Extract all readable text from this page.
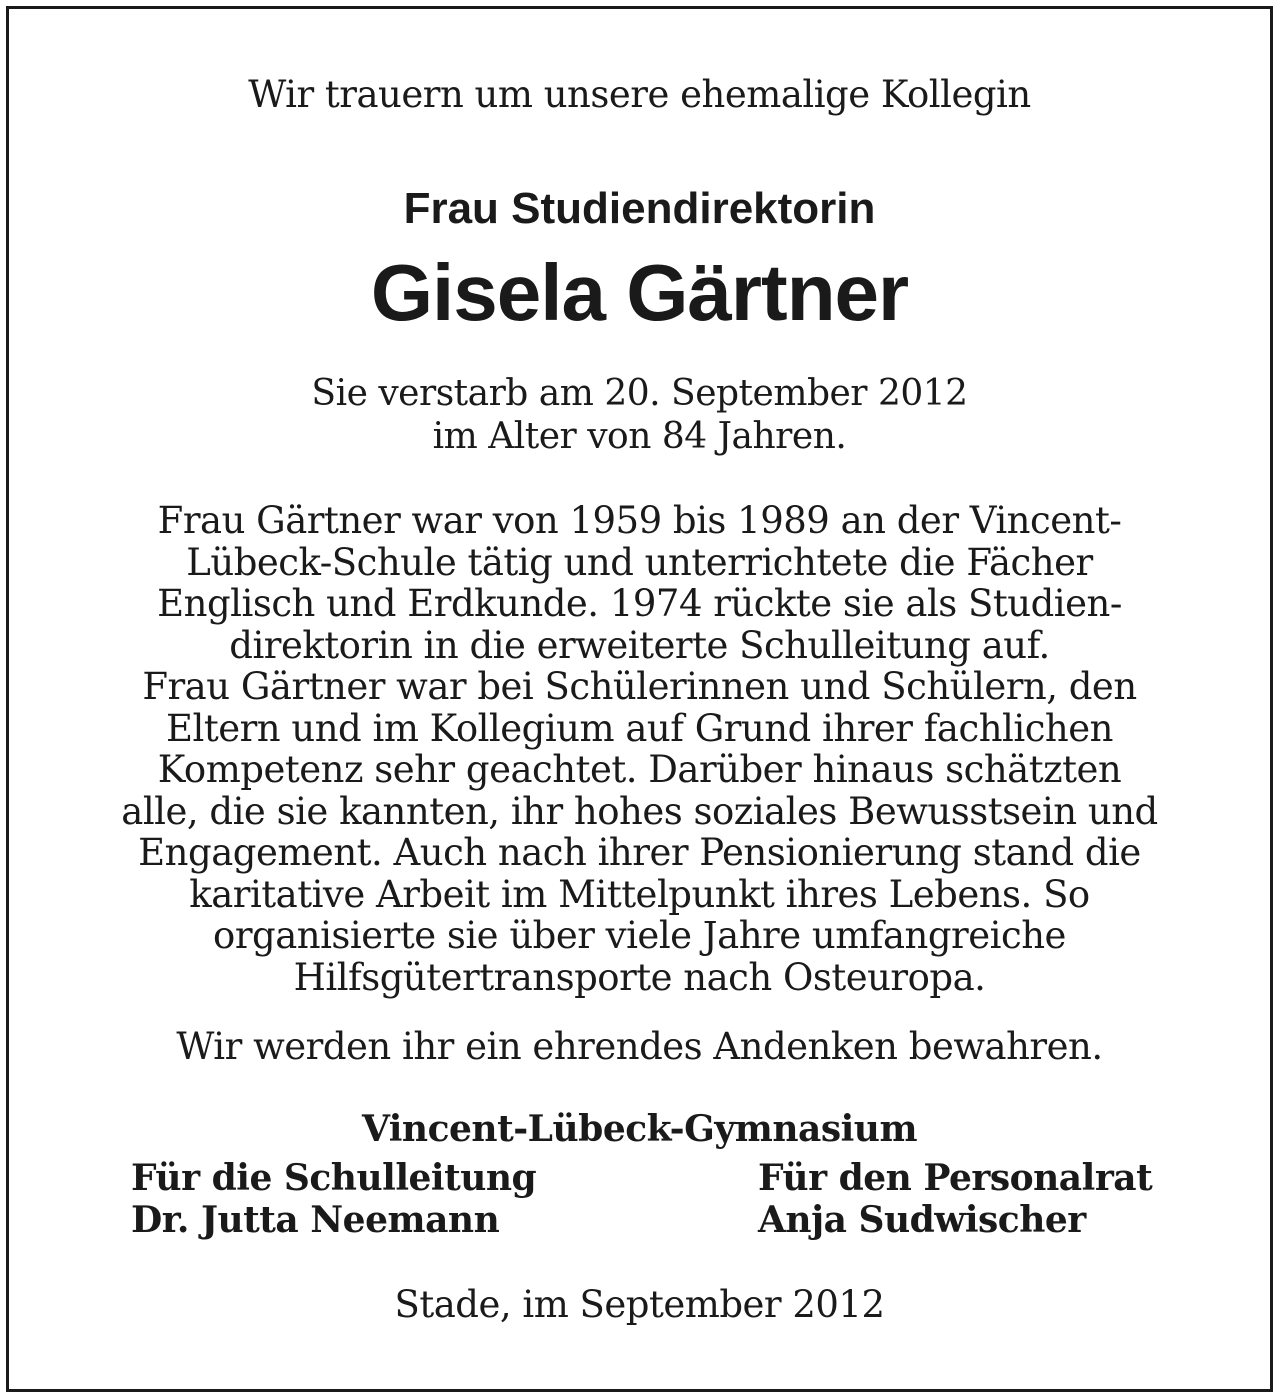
Wir trauern um unsere ehemalige Kollegin
Frau Studiendirektorin
Gisela Gärtner
Sie verstarb am 20. September 2012
im Alter von 84 Jahren.
Frau Gärtner war von 1959 bis 1989 an der Vincent-
Lübeck-Schule tätig und unterrichtete die Fächer
Englisch und Erdkunde. 1974 rückte sie als Studien-
direktorin in die erweiterte Schulleitung auf.
Frau Gärtner war bei Schülerinnen und Schülern, den
Eltern und im Kollegium auf Grund ihrer fachlichen
Kompetenz sehr geachtet. Darüber hinaus schätzten
alle, die sie kannten, ihr hohes soziales Bewusstsein und
Engagement. Auch nach ihrer Pensionierung stand die
karitative Arbeit im Mittelpunkt ihres Lebens. So
organisierte sie über viele Jahre umfangreiche
Hilfsgütertransporte nach Osteuropa.
Wir werden ihr ein ehrendes Andenken bewahren.
Vincent-Lübeck-Gymnasium
Für die Schulleitung
Dr. Jutta Neemann
Für den Personalrat
Anja Sudwischer
Stade, im September 2012
